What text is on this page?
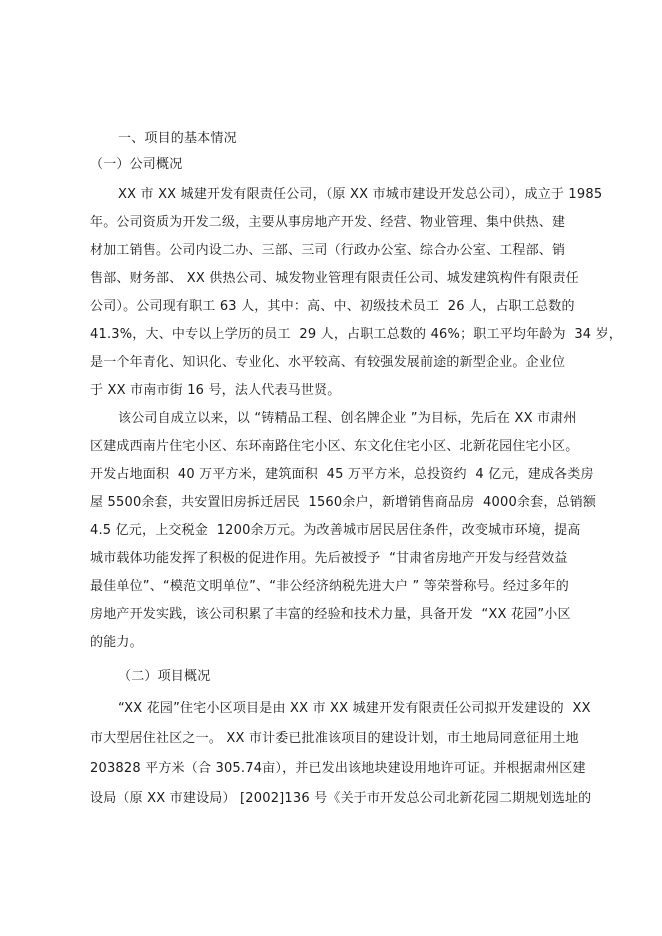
一、项目的基本情况
（一）公司概况
XX 市 XX 城建开发有限责任公司，（原 XX 市城市建设开发总公司），成立于 1985
年。公司资质为开发二级，主要从事房地产开发、经营、物业管理、集中供热、建
材加工销售。公司内设二办、三部、三司（行政办公室、综合办公室、工程部、销
售部、财务部、 XX 供热公司、城发物业管理有限责任公司、城发建筑构件有限责任
公司）。公司现有职工 63 人，其中：高、中、初级技术员工  26 人，占职工总数的
41.3%，大、中专以上学历的员工  29 人，占职工总数的 46%；职工平均年龄为  34 岁，
是一个年青化、知识化、专业化、水平较高、有较强发展前途的新型企业。企业位
于 XX 市南市街 16 号，法人代表马世贤。
该公司自成立以来，以 “铸精品工程、创名牌企业 ”为目标，先后在 XX 市肃州
区建成西南片住宅小区、东环南路住宅小区、东文化住宅小区、北新花园住宅小区。
开发占地面积  40 万平方米，建筑面积  45 万平方米，总投资约  4 亿元，建成各类房
屋 5500余套，共安置旧房拆迁居民  1560余户，新增销售商品房  4000余套，总销额
4.5 亿元，上交税金  1200余万元。为改善城市居民居住条件，改变城市环境，提高
城市载体功能发挥了积极的促进作用。先后被授予  “甘肃省房地产开发与经营效益
最佳单位”、“模范文明单位”、“非公经济纳税先进大户 ” 等荣誉称号。经过多年的
房地产开发实践，该公司积累了丰富的经验和技术力量，具备开发  “XX 花园”小区
的能力。
（二）项目概况
“XX 花园”住宅小区项目是由 XX 市 XX 城建开发有限责任公司拟开发建设的  XX
市大型居住社区之一。 XX 市计委已批准该项目的建设计划，市土地局同意征用土地
203828 平方米（合 305.74亩），并已发出该地块建设用地许可证。并根据肃州区建
设局（原 XX 市建设局） [2002]136 号《关于市开发总公司北新花园二期规划选址的
